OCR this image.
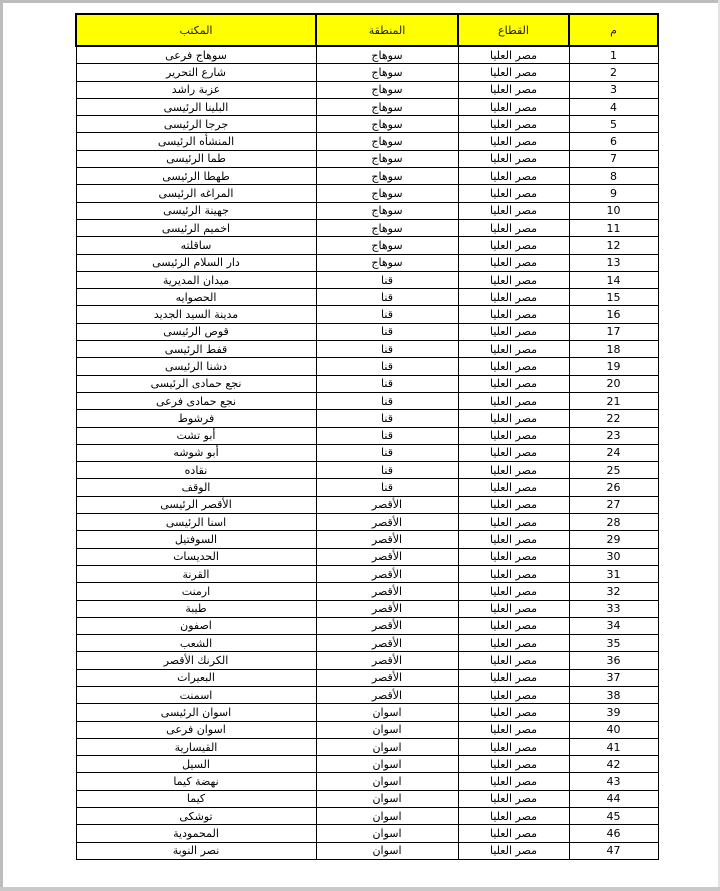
م	القطاع	المنطقة	المكتب
1	مصر العليا	سوهاج	سوهاج فرعى
2	مصر العليا	سوهاج	شارع التحرير
3	مصر العليا	سوهاج	عزبة راشد
4	مصر العليا	سوهاج	البلينا الرئيسى
5	مصر العليا	سوهاج	جرجا الرئيسى
6	مصر العليا	سوهاج	المنشأه الرئيسى
7	مصر العليا	سوهاج	طما الرئيسى
8	مصر العليا	سوهاج	طهطا الرئيسى
9	مصر العليا	سوهاج	المراغه الرئيسى
10	مصر العليا	سوهاج	جهينة الرئيسى
11	مصر العليا	سوهاج	اخميم الرئيسى
12	مصر العليا	سوهاج	ساقلته
13	مصر العليا	سوهاج	دار السلام الرئيسى
14	مصر العليا	قنا	ميدان المديرية
15	مصر العليا	قنا	الحصوايه
16	مصر العليا	قنا	مدينة السيد الجديد
17	مصر العليا	قنا	قوص الرئيسى
18	مصر العليا	قنا	قفط الرئيسى
19	مصر العليا	قنا	دشنا الرئيسى
20	مصر العليا	قنا	نجع حمادى الرئيسى
21	مصر العليا	قنا	نجع حمادى فرعى
22	مصر العليا	قنا	فرشوط
23	مصر العليا	قنا	أبو تشت
24	مصر العليا	قنا	أبو شوشه
25	مصر العليا	قنا	نقاده
26	مصر العليا	قنا	الوقف
27	مصر العليا	الأقصر	الأقصر الرئيسى
28	مصر العليا	الأقصر	اسنا الرئيسى
29	مصر العليا	الأقصر	السوفتيل
30	مصر العليا	الأقصر	الحديسات
31	مصر العليا	الأقصر	القرنة
32	مصر العليا	الأقصر	ارمنت
33	مصر العليا	الأقصر	طيبة
34	مصر العليا	الأقصر	اصفون
35	مصر العليا	الأقصر	الشعب
36	مصر العليا	الأقصر	الكرنك الأقصر
37	مصر العليا	الأقصر	البعيرات
38	مصر العليا	الأقصر	اسمنت
39	مصر العليا	اسوان	اسوان الرئيسى
40	مصر العليا	اسوان	اسوان فرعى
41	مصر العليا	اسوان	القيسارية
42	مصر العليا	اسوان	السيل
43	مصر العليا	اسوان	نهضة كيما
44	مصر العليا	اسوان	كيما
45	مصر العليا	اسوان	توشكى
46	مصر العليا	اسوان	المحمودية
47	مصر العليا	اسوان	نصر النوبة
